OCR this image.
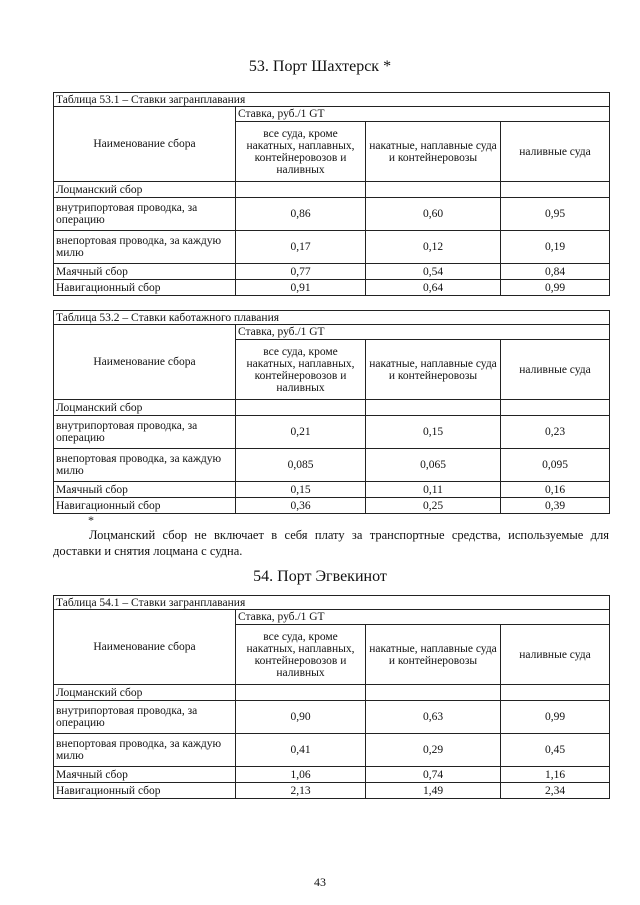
53. Порт Шахтерск *
Таблица 53.1 – Ставки загранплавания			
Наименование сбора	Ставка, руб./1 GT		
	все суда, кроме накатных, наплавных, контейнеровозов и наливных	накатные, наплавные суда и контейнеровозы	наливные суда
Лоцманский сбор			
внутрипортовая проводка, за операцию	0,86	0,60	0,95
внепортовая проводка, за каждую милю	0,17	0,12	0,19
Маячный сбор	0,77	0,54	0,84
Навигационный сбор	0,91	0,64	0,99
Таблица 53.2 – Ставки каботажного плавания			
Наименование сбора	Ставка, руб./1 GT		
	все суда, кроме накатных, наплавных, контейнеровозов и наливных	накатные, наплавные суда и контейнеровозы	наливные суда
Лоцманский сбор			
внутрипортовая проводка, за операцию	0,21	0,15	0,23
внепортовая проводка, за каждую милю	0,085	0,065	0,095
Маячный сбор	0,15	0,11	0,16
Навигационный сбор	0,36	0,25	0,39
*

Лоцманский сбор не включает в себя плату за транспортные средства, используемые для доставки и снятия лоцмана с судна.

54. Порт Эгвекинот
Таблица 54.1 – Ставки загранплавания			
Наименование сбора	Ставка, руб./1 GT		
	все суда, кроме накатных, наплавных, контейнеровозов и наливных	накатные, наплавные суда и контейнеровозы	наливные суда
Лоцманский сбор			
внутрипортовая проводка, за операцию	0,90	0,63	0,99
внепортовая проводка, за каждую милю	0,41	0,29	0,45
Маячный сбор	1,06	0,74	1,16
Навигационный сбор	2,13	1,49	2,34
43
